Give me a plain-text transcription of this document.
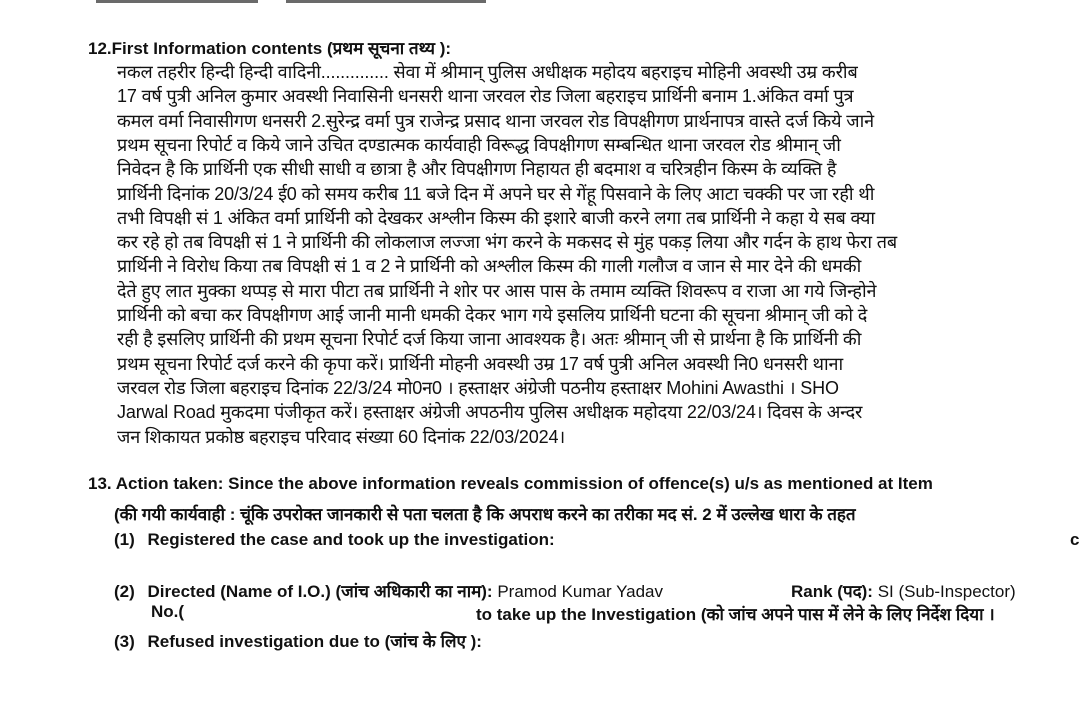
12.First Information contents (प्रथम सूचना तथ्य ):
नकल तहरीर हिन्दी हिन्दी वादिनी.............. सेवा में श्रीमान् पुलिस अधीक्षक महोदय बहराइच मोहिनी अवस्थी उम्र करीब
17 वर्ष पुत्री अनिल कुमार अवस्थी निवासिनी धनसरी थाना जरवल रोड जिला बहराइच प्रार्थिनी बनाम 1.अंकित वर्मा पुत्र
कमल वर्मा निवासीगण धनसरी 2.सुरेन्द्र वर्मा पुत्र राजेन्द्र प्रसाद थाना जरवल रोड विपक्षीगण प्रार्थनापत्र वास्ते दर्ज किये जाने
प्रथम सूचना रिपोर्ट व किये जाने उचित दण्डात्मक कार्यवाही विरूद्ध विपक्षीगण सम्बन्धित थाना जरवल रोड श्रीमान् जी
निवेदन है कि प्रार्थिनी एक सीधी साधी व छात्रा है और विपक्षीगण निहायत ही बदमाश व चरित्रहीन किस्म के व्यक्ति है
प्रार्थिनी दिनांक 20/3/24 ई0 को समय करीब 11 बजे दिन में अपने घर से गेंहू पिसवाने के लिए आटा चक्की पर जा रही थी
तभी विपक्षी सं 1 अंकित वर्मा प्रार्थिनी को देखकर अश्लीन किस्म की इशारे बाजी करने लगा तब प्रार्थिनी ने कहा ये सब क्या
कर रहे हो तब विपक्षी सं 1 ने प्रार्थिनी की लोकलाज लज्जा भंग करने के मकसद से मुंह पकड़ लिया और गर्दन के हाथ फेरा तब
प्रार्थिनी ने विरोध किया तब विपक्षी सं 1 व 2 ने प्रार्थिनी को अश्लील किस्म की गाली गलौज व जान से मार देने की धमकी
देते हुए लात मुक्का थप्पड़ से मारा पीटा तब प्रार्थिनी ने शोर पर आस पास के तमाम व्यक्ति शिवरूप व राजा आ गये जिन्होने
प्रार्थिनी को बचा कर विपक्षीगण आई जानी मानी धमकी देकर भाग गये इसलिय प्रार्थिनी घटना की सूचना श्रीमान् जी को दे
रही है इसलिए प्रार्थिनी की प्रथम सूचना रिपोर्ट दर्ज किया जाना आवश्यक है। अतः श्रीमान् जी से प्रार्थना है कि प्रार्थिनी की
प्रथम सूचना रिपोर्ट दर्ज करने की कृपा करें। प्रार्थिनी मोहनी अवस्थी उम्र 17 वर्ष पुत्री अनिल अवस्थी नि0 धनसरी थाना
जरवल रोड जिला बहराइच दिनांक 22/3/24 मो0न0 । हस्ताक्षर अंग्रेजी पठनीय हस्ताक्षर Mohini Awasthi । SHO
Jarwal Road मुकदमा पंजीकृत करें। हस्ताक्षर अंग्रेजी अपठनीय पुलिस अधीक्षक महोदया 22/03/24। दिवस के अन्दर
जन शिकायत प्रकोष्ठ बहराइच परिवाद संख्या 60 दिनांक 22/03/2024।
13. Action taken: Since the above information reveals commission of offence(s) u/s as mentioned at Item
(की गयी कार्यवाही : चूंकि उपरोक्त जानकारी से पता चलता है कि अपराध करने का तरीका मद सं. 2 में उल्लेख धारा के तहत
(1) Registered the case and took up the investigation:	c
(2) Directed (Name of I.O.) (जांच अधिकारी का नाम): Pramod Kumar Yadav	Rank (पद): SI (Sub-Inspector)
No.(	to take up the Investigation (को जांच अपने पास में लेने के लिए निर्देश दिया ।
(3) Refused investigation due to (जांच के लिए ):
